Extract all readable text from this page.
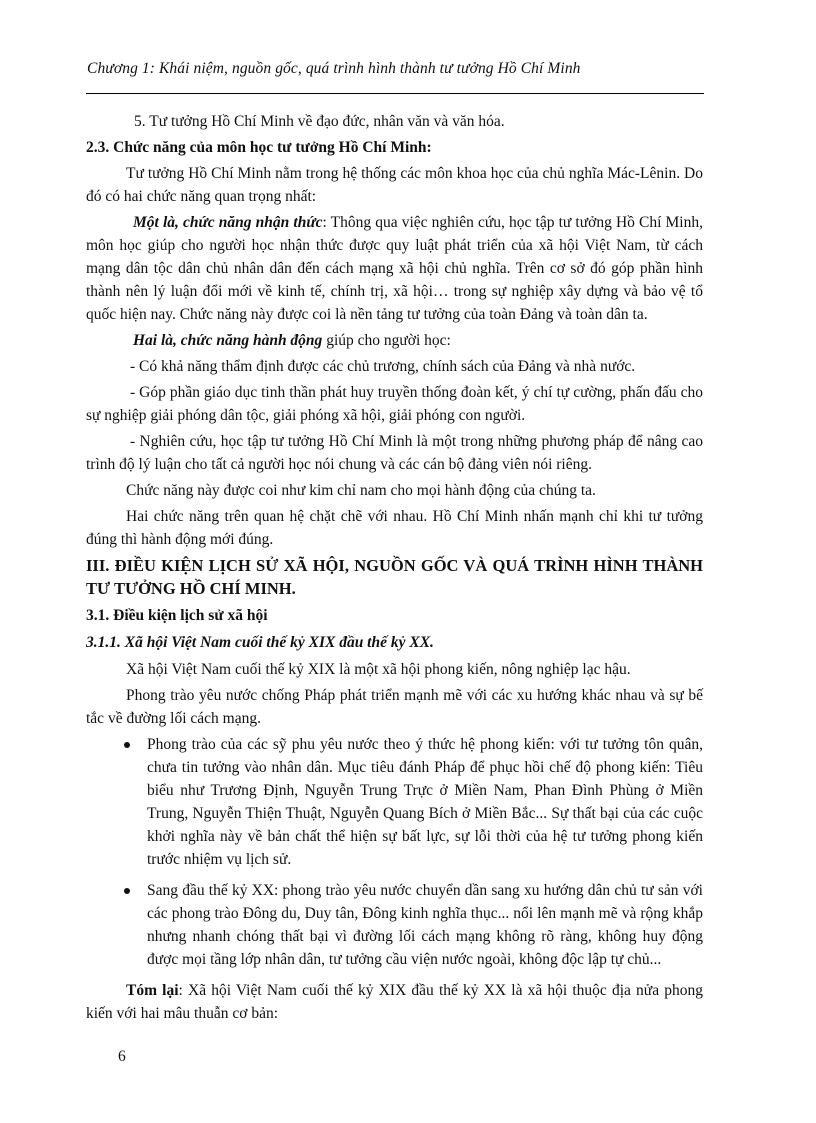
Chương 1: Khái niệm, nguồn gốc, quá trình hình thành tư tưởng Hồ Chí Minh

5. Tư tưởng Hồ Chí Minh về đạo đức, nhân văn và văn hóa.

2.3. Chức năng của môn học tư tưởng Hồ Chí Minh:

Tư tưởng Hồ Chí Minh nằm trong hệ thống các môn khoa học của chủ nghĩa Mác-Lênin. Do đó có hai chức năng quan trọng nhất:

Một là, chức năng nhận thức: Thông qua việc nghiên cứu, học tập tư tưởng Hồ Chí Minh, môn học giúp cho người học nhận thức được quy luật phát triển của xã hội Việt Nam, từ cách mạng dân tộc dân chủ nhân dân đến cách mạng xã hội chủ nghĩa. Trên cơ sở đó góp phần hình thành nên lý luận đổi mới về kinh tế, chính trị, xã hội… trong sự nghiệp xây dựng và bảo vệ tổ quốc hiện nay. Chức năng này được coi là nền tảng tư tưởng của toàn Đảng và toàn dân ta.

Hai là, chức năng hành động giúp cho người học:

- Có khả năng thẩm định được các chủ trương, chính sách của Đảng và nhà nước.

- Góp phần giáo dục tinh thần phát huy truyền thống đoàn kết, ý chí tự cường, phấn đấu cho sự nghiệp giải phóng dân tộc, giải phóng xã hội, giải phóng con người.

- Nghiên cứu, học tập tư tưởng Hồ Chí Minh là một trong những phương pháp để nâng cao trình độ lý luận cho tất cả người học nói chung và các cán bộ đảng viên nói riêng.

Chức năng này được coi như kim chỉ nam cho mọi hành động của chúng ta.

Hai chức năng trên quan hệ chặt chẽ với nhau. Hồ Chí Minh nhấn mạnh chỉ khi tư tưởng đúng thì hành động mới đúng.

III. ĐIỀU KIỆN LỊCH SỬ XÃ HỘI, NGUỒN GỐC VÀ QUÁ TRÌNH HÌNH THÀNH TƯ TƯỞNG HỒ CHÍ MINH.

3.1. Điều kiện lịch sử xã hội

3.1.1. Xã hội Việt Nam cuối thế kỷ XIX đầu thế kỷ XX.

Xã hội Việt Nam cuối thế kỷ XIX là một xã hội phong kiến, nông nghiệp lạc hậu.

Phong trào yêu nước chống Pháp phát triển mạnh mẽ với các xu hướng khác nhau và sự bế tắc về đường lối cách mạng.

Phong trào của các sỹ phu yêu nước theo ý thức hệ phong kiến: với tư tưởng tôn quân, chưa tin tưởng vào nhân dân. Mục tiêu đánh Pháp để phục hồi chế độ phong kiến: Tiêu biểu như Trương Định, Nguyễn Trung Trực ở Miền Nam, Phan Đình Phùng ở Miền Trung, Nguyễn Thiện Thuật, Nguyễn Quang Bích ở Miền Bắc... Sự thất bại của các cuộc khởi nghĩa này về bản chất thể hiện sự bất lực, sự lỗi thời của hệ tư tưởng phong kiến trước nhiệm vụ lịch sử.
Sang đầu thế kỷ XX: phong trào yêu nước chuyển dần sang xu hướng dân chủ tư sản với các phong trào Đông du, Duy tân, Đông kinh nghĩa thục... nổi lên mạnh mẽ và rộng khắp nhưng nhanh chóng thất bại vì đường lối cách mạng không rõ ràng, không huy động được mọi tầng lớp nhân dân, tư tưởng cầu viện nước ngoài, không độc lập tự chủ...

Tóm lại: Xã hội Việt Nam cuối thế kỷ XIX đầu thế kỷ XX là xã hội thuộc địa nửa phong kiến với hai mâu thuẫn cơ bản:

6
